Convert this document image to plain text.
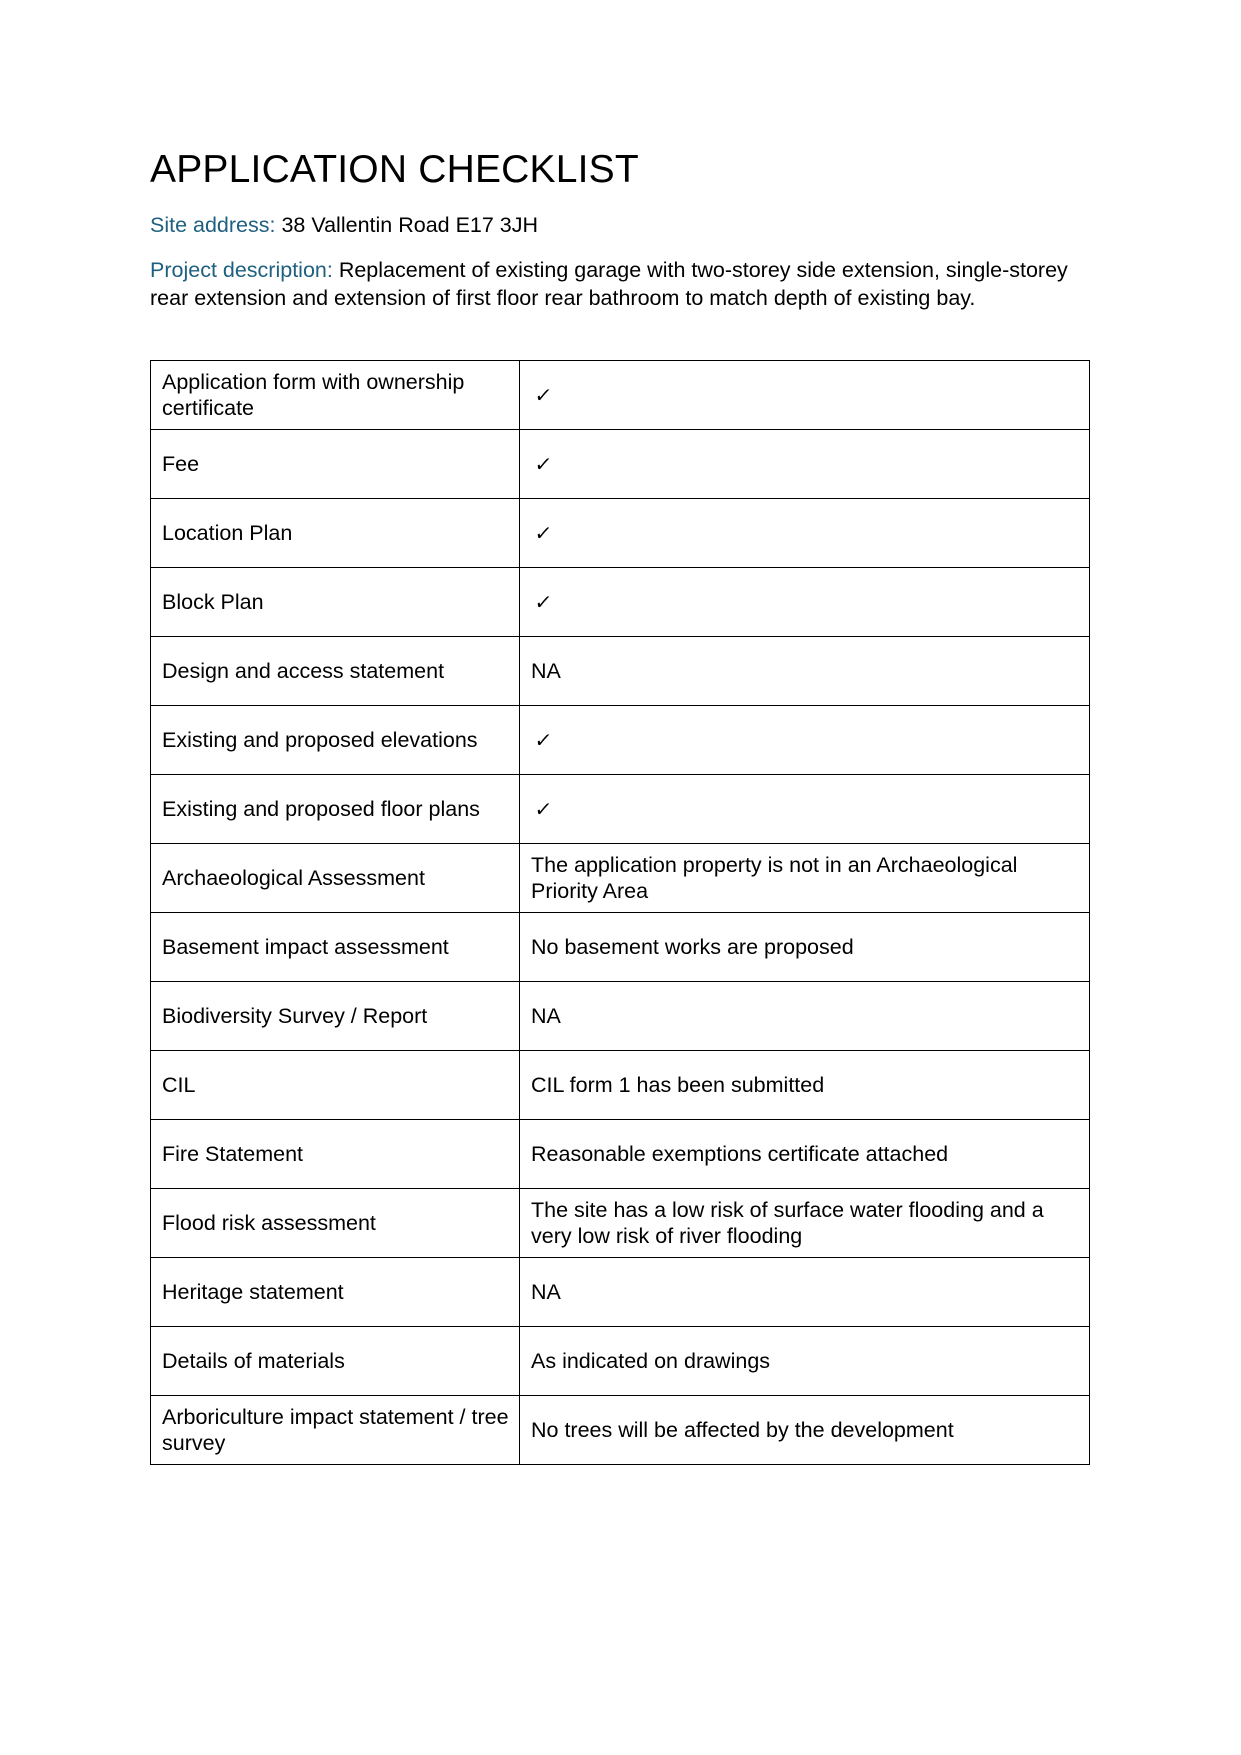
APPLICATION CHECKLIST
Site address: 38 Vallentin Road E17 3JH
Project description: Replacement of existing garage with two-storey side extension, single-storey rear extension and extension of first floor rear bathroom to match depth of existing bay.
Application form with ownership certificate	✓
Fee	✓
Location Plan	✓
Block Plan	✓
Design and access statement	NA
Existing and proposed elevations	✓
Existing and proposed floor plans	✓
Archaeological Assessment	The application property is not in an Archaeological Priority Area
Basement impact assessment	No basement works are proposed
Biodiversity Survey / Report	NA
CIL	CIL form 1 has been submitted
Fire Statement	Reasonable exemptions certificate attached
Flood risk assessment	The site has a low risk of surface water flooding and a very low risk of river flooding
Heritage statement	NA
Details of materials	As indicated on drawings
Arboriculture impact statement / tree survey	No trees will be affected by the development
